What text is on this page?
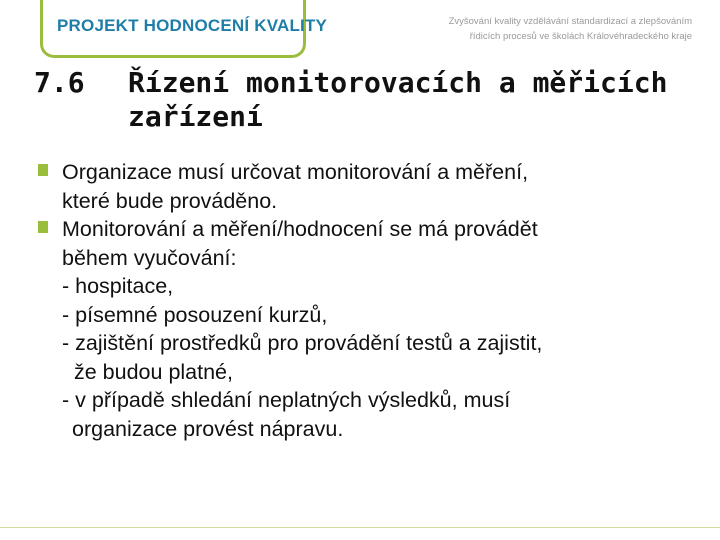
PROJEKT HODNOCENÍ KVALITY	Zvyšování kvality vzdělávání standardizací a zlepšováním
řídicích procesů ve školách Královéhradeckého kraje
7.6 Řízení monitorovacích a měřicích
zařízení
Organizace musí určovat monitorování a měření,
které bude prováděno.
Monitorování a měření/hodnocení se má provádět
během vyučování:
- hospitace,
- písemné posouzení kurzů,
- zajištění prostředků pro provádění testů a zajistit,
že budou platné,
- v případě shledání neplatných výsledků, musí
organizace provést nápravu.
